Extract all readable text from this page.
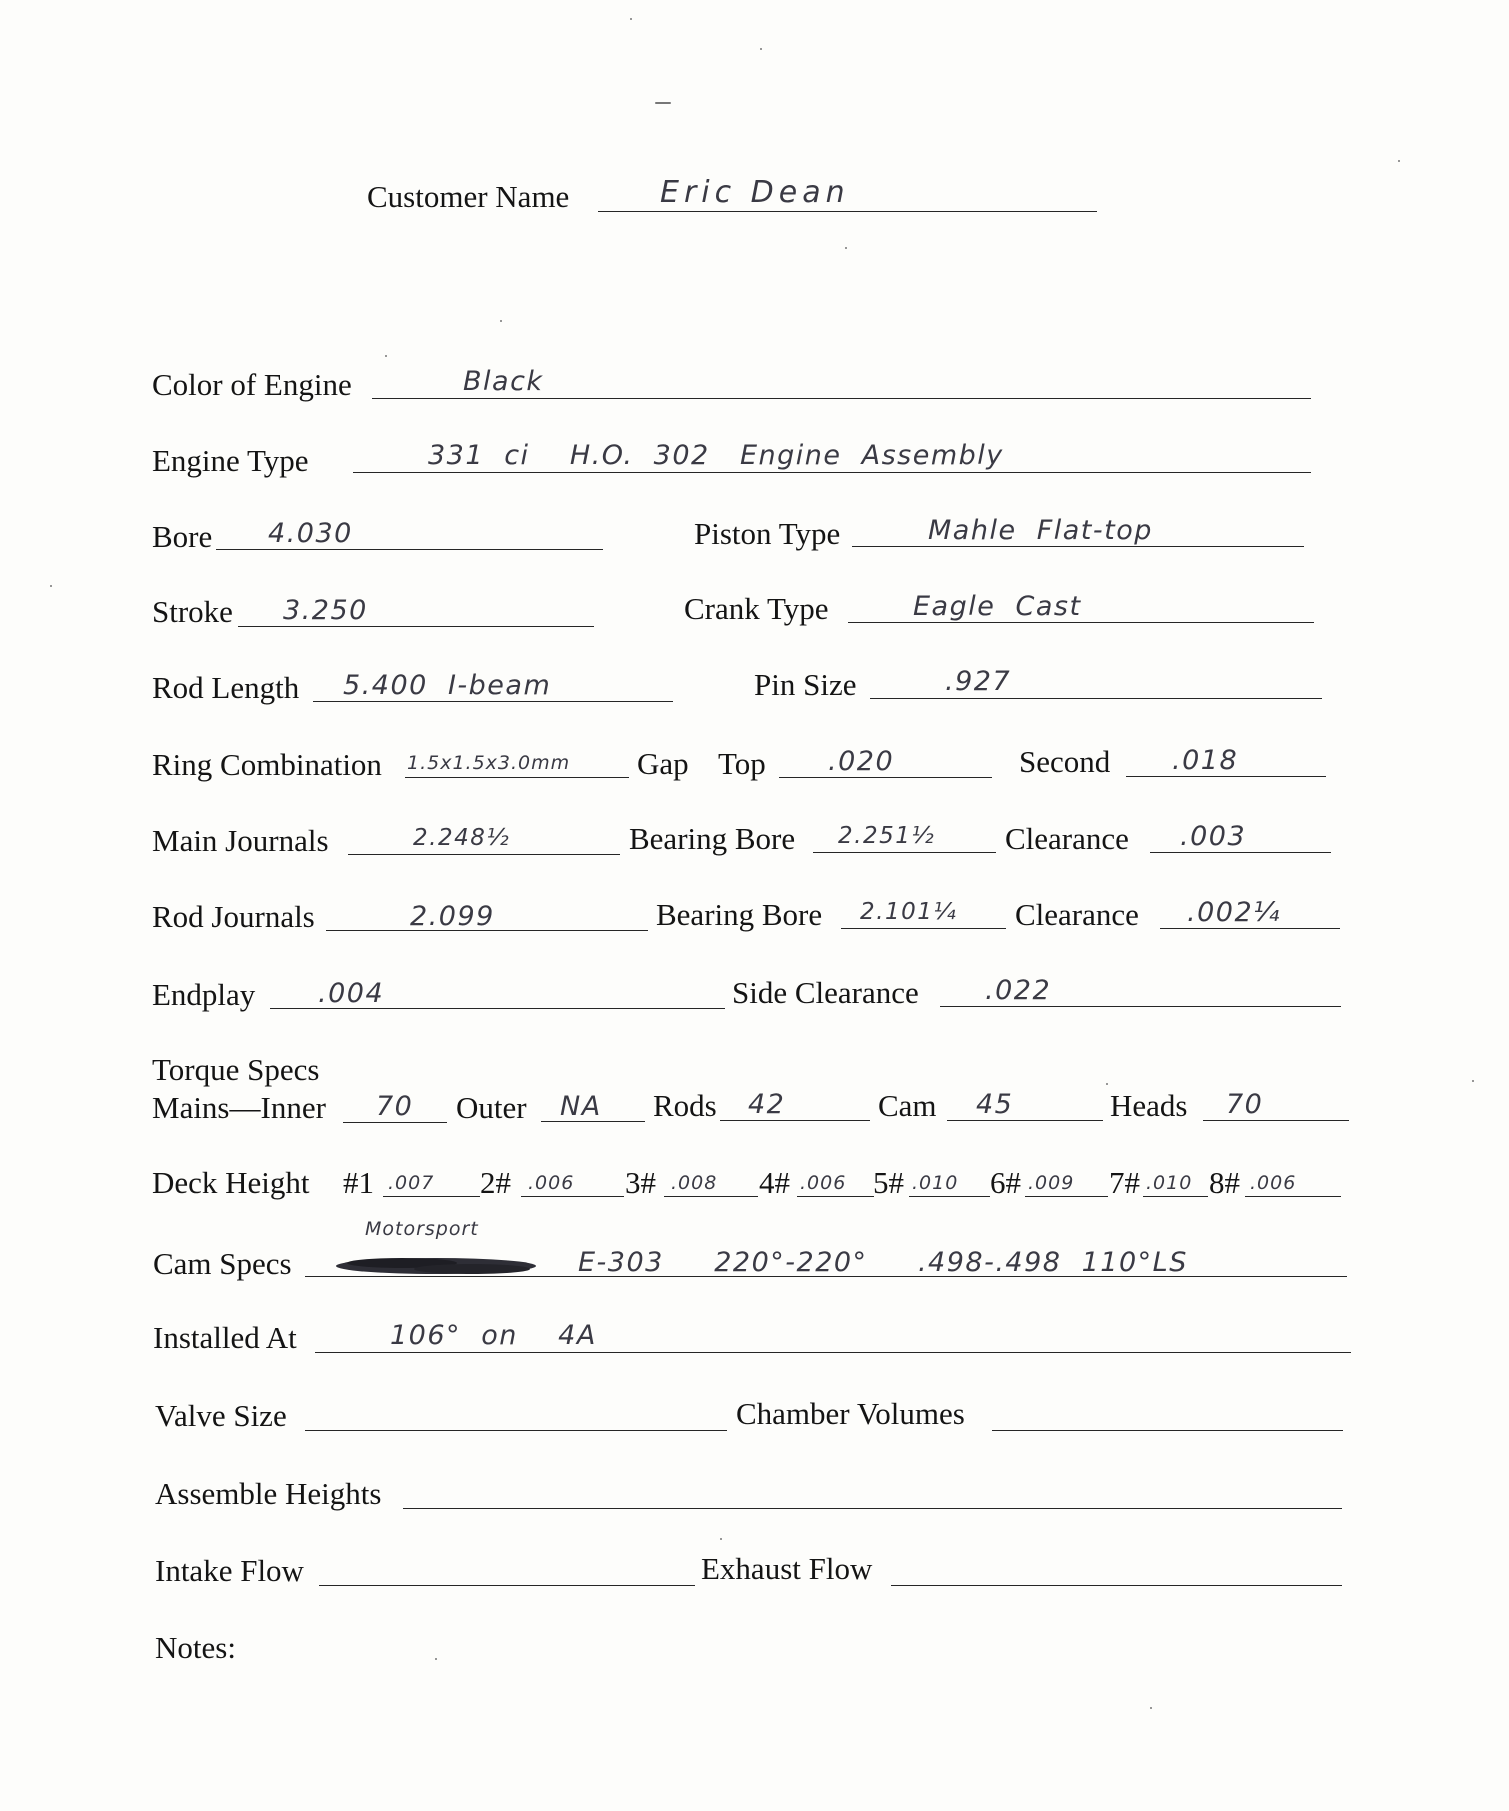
Customer Name	Eric Dean
Color of Engine	Black
Engine Type	331  ci    H.O.  302   Engine  Assembly
Bore 4.030	Piston Type	Mahle  Flat-top
Stroke 3.250	Crank Type	Eagle  Cast
Rod Length 5.400  I-beam	Pin Size	.927
Ring Combination 1.5x1.5x3.0mm Gap Top .020	Second .018
Main Journals	2.248½	Bearing Bore 2.251½ Clearance .003
Rod Journals	2.099	Bearing Bore 2.101¼ Clearance .002¼
Endplay .004	Side Clearance .022
Torque Specs
Mains—Inner 70 Outer NA Rods 42	Cam 45	Heads 70
Deck Height #1 .007 2# .006 3# .008 4# .006 5# .010 6# .009 7# .010 8# .006
Cam Specs
Motorsport
E-303     220°-220°     .498-.498  110°LS
Installed At	106°  on    4A
Valve Size	Chamber Volumes
Assemble Heights
Intake Flow	Exhaust Flow
Notes:
